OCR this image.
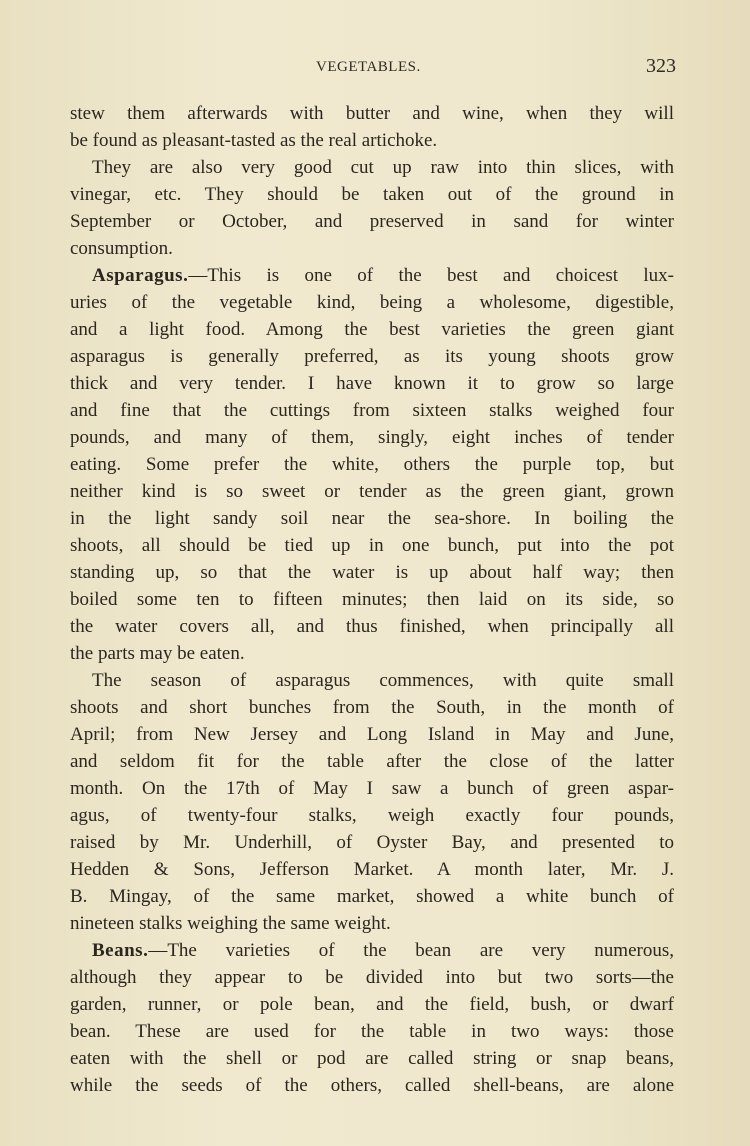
VEGETABLES.	323
stew them afterwards with butter and wine, when they will
be found as pleasant-tasted as the real artichoke.
They are also very good cut up raw into thin slices, with
vinegar, etc. They should be taken out of the ground in
September or October, and preserved in sand for winter
consumption.
Asparagus.—This is one of the best and choicest lux-
uries of the vegetable kind, being a wholesome, digestible,
and a light food. Among the best varieties the green giant
asparagus is generally preferred, as its young shoots grow
thick and very tender. I have known it to grow so large
and fine that the cuttings from sixteen stalks weighed four
pounds, and many of them, singly, eight inches of tender
eating. Some prefer the white, others the purple top, but
neither kind is so sweet or tender as the green giant, grown
in the light sandy soil near the sea-shore. In boiling the
shoots, all should be tied up in one bunch, put into the pot
standing up, so that the water is up about half way; then
boiled some ten to fifteen minutes; then laid on its side, so
the water covers all, and thus finished, when principally all
the parts may be eaten.
The season of asparagus commences, with quite small
shoots and short bunches from the South, in the month of
April; from New Jersey and Long Island in May and June,
and seldom fit for the table after the close of the latter
month. On the 17th of May I saw a bunch of green aspar-
agus, of twenty-four stalks, weigh exactly four pounds,
raised by Mr. Underhill, of Oyster Bay, and presented to
Hedden & Sons, Jefferson Market. A month later, Mr. J.
B. Mingay, of the same market, showed a white bunch of
nineteen stalks weighing the same weight.
Beans.—The varieties of the bean are very numerous,
although they appear to be divided into but two sorts—the
garden, runner, or pole bean, and the field, bush, or dwarf
bean. These are used for the table in two ways: those
eaten with the shell or pod are called string or snap beans,
while the seeds of the others, called shell-beans, are alone
